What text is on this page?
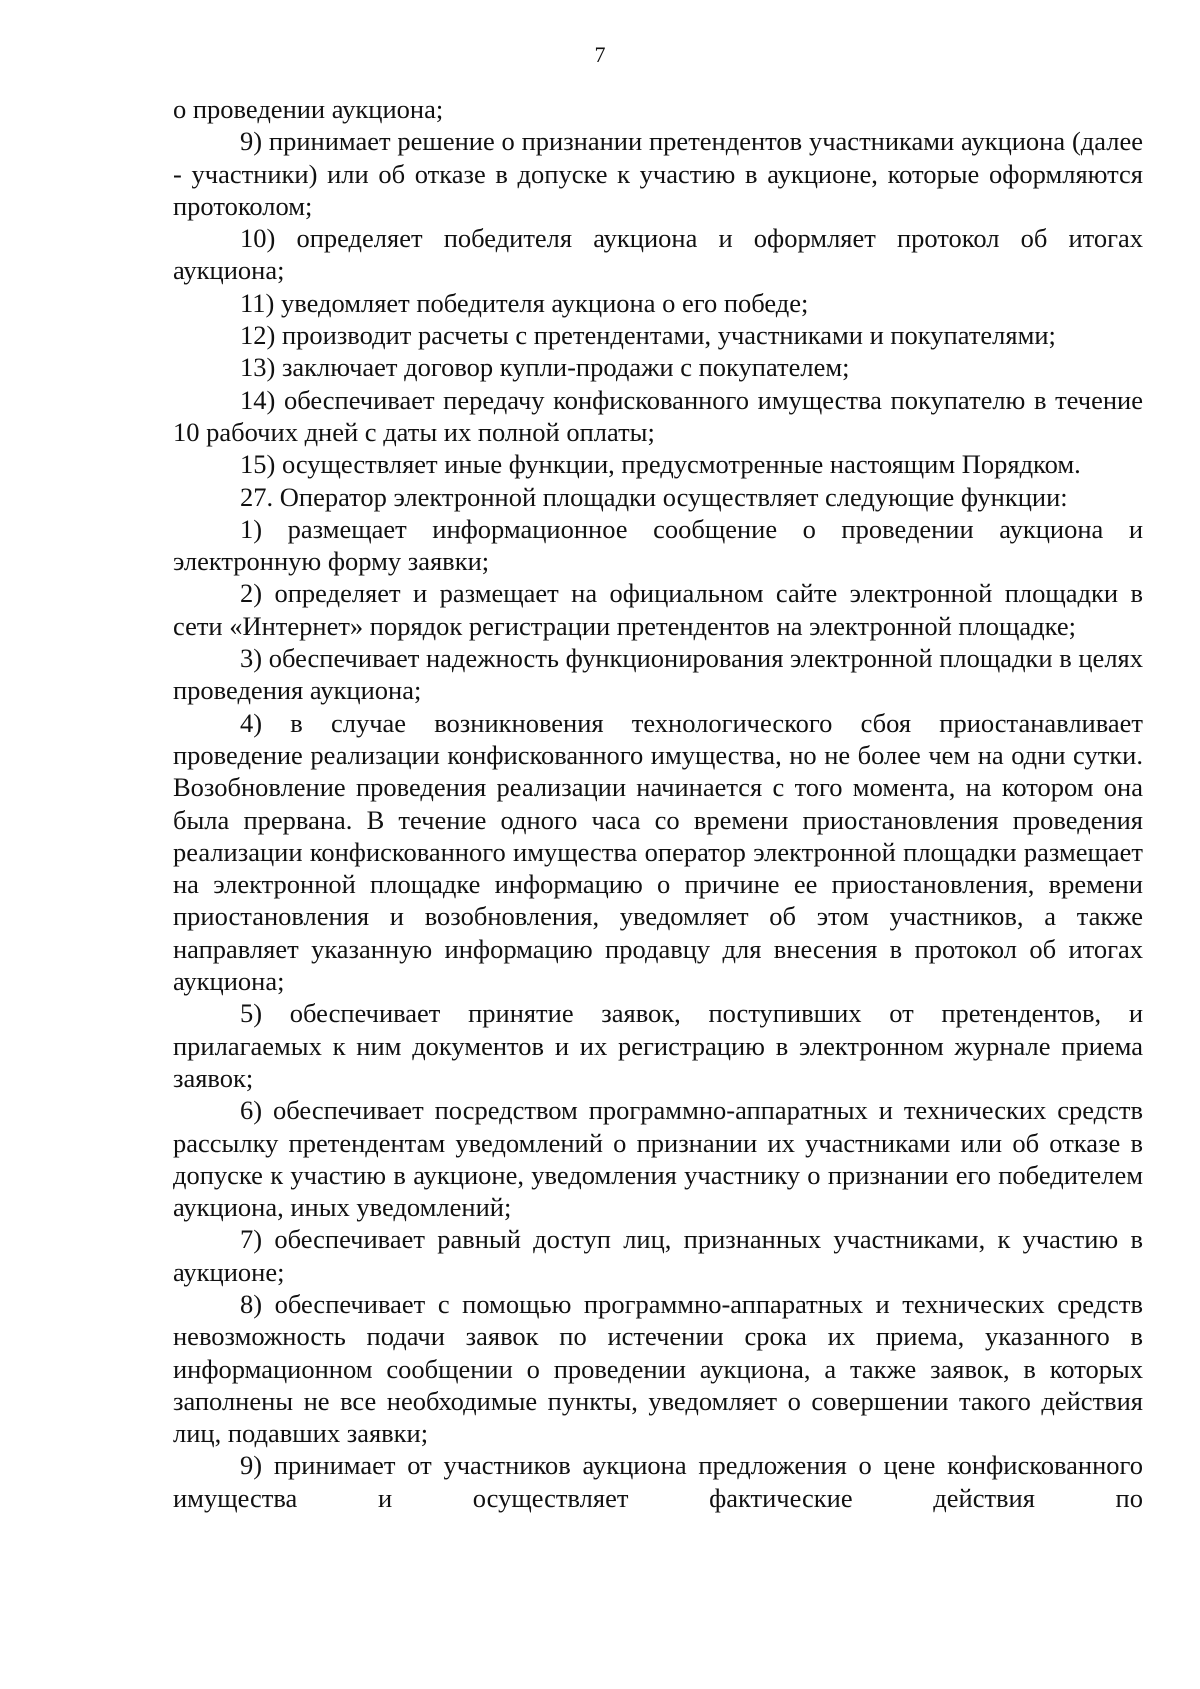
7

о проведении аукциона;

9) принимает решение о признании претендентов участниками аукциона (далее - участники) или об отказе в допуске к участию в аукционе, которые оформляются протоколом;

10) определяет победителя аукциона и оформляет протокол об итогах аукциона;

11) уведомляет победителя аукциона о его победе;

12) производит расчеты с претендентами, участниками и покупателями;

13) заключает договор купли-продажи с покупателем;

14) обеспечивает передачу конфискованного имущества покупателю в течение 10 рабочих дней с даты их полной оплаты;

15) осуществляет иные функции, предусмотренные настоящим Порядком.

27. Оператор электронной площадки осуществляет следующие функции:

1) размещает информационное сообщение о проведении аукциона и электронную форму заявки;

2) определяет и размещает на официальном сайте электронной площадки в сети «Интернет» порядок регистрации претендентов на электронной площадке;

3) обеспечивает надежность функционирования электронной площадки в целях проведения аукциона;

4) в случае возникновения технологического сбоя приостанавливает проведение реализации конфискованного имущества, но не более чем на одни сутки. Возобновление проведения реализации начинается с того момента, на котором она была прервана. В течение одного часа со времени приостановления проведения реализации конфискованного имущества оператор электронной площадки размещает на электронной площадке информацию о причине ее приостановления, времени приостановления и возобновления, уведомляет об этом участников, а также направляет указанную информацию продавцу для внесения в протокол об итогах аукциона;

5) обеспечивает принятие заявок, поступивших от претендентов, и прилагаемых к ним документов и их регистрацию в электронном журнале приема заявок;

6) обеспечивает посредством программно-аппаратных и технических средств рассылку претендентам уведомлений о признании их участниками или об отказе в допуске к участию в аукционе, уведомления участнику о признании его победителем аукциона, иных уведомлений;

7) обеспечивает равный доступ лиц, признанных участниками, к участию в аукционе;

8) обеспечивает с помощью программно-аппаратных и технических средств невозможность подачи заявок по истечении срока их приема, указанного в информационном сообщении о проведении аукциона, а также заявок, в которых заполнены не все необходимые пункты, уведомляет о совершении такого действия лиц, подавших заявки;

9) принимает от участников аукциона предложения о цене конфискованного имущества и осуществляет фактические действия по
